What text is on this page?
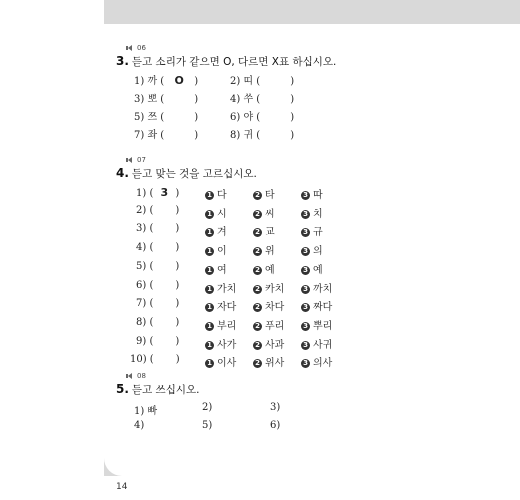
06
3. 듣고 소리가 같으면 O, 다르면 X표 하십시오.
1) 까 ( O )	2) 띠 (	)
3) 뽀 (	)	4) 쑤 (	)
5) 쯔 (	)	6) 야 (	)
7) 좌 (	)	8) 귀 (	)
07
4. 듣고 맞는 것을 고르십시오.
1) ( 3 )	1 다	2 타	3 따
2) ( )	1 시	2 씨	3 치
3) ( )	1 겨	2 교	3 규
4) ( )	1 이	2 위	3 의
5) ( )	1 여	2 예	3 예
6) ( )	1 가치	2 카치	3 까치
7) ( )	1 자다	2 차다	3 짜다
8) ( )	1 부리	2 푸리	3 뿌리
9) ( )	1 사가	2 사과	3 사귀
10) ( )	1 이사	2 위사	3 의사
08
5. 듣고 쓰십시오.
1) 빠	2)	3)
4)	5)	6)
14
